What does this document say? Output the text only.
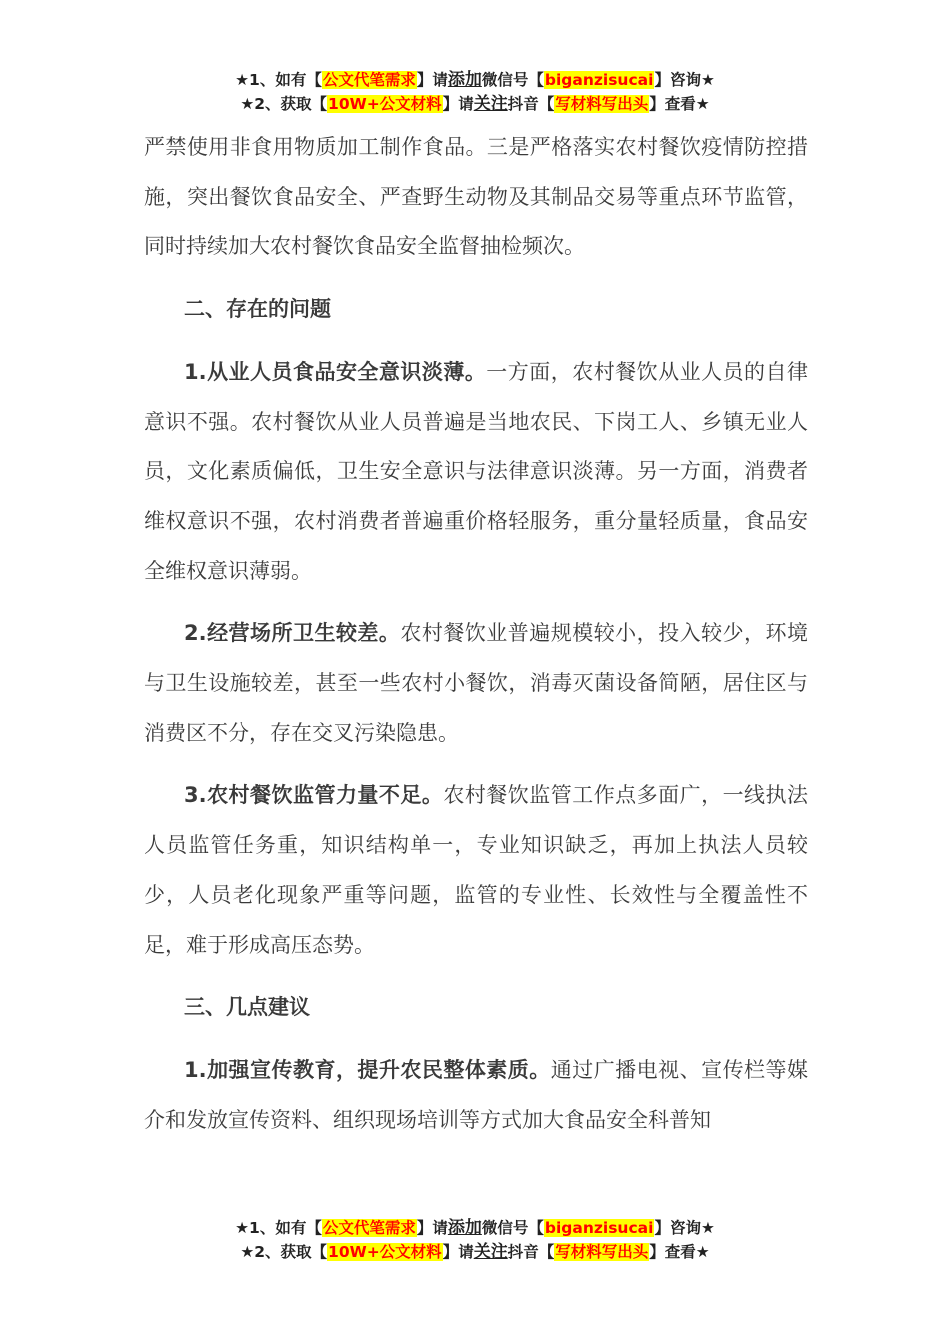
★1、如有【公文代笔需求】请添加微信号【biganzisucai】咨询★
★2、获取【10W+公文材料】请关注抖音【写材料写出头】查看★

严禁使用非食用物质加工制作食品。三是严格落实农村餐饮疫情防控措施，突出餐饮食品安全、严查野生动物及其制品交易等重点环节监管，同时持续加大农村餐饮食品安全监督抽检频次。

二、存在的问题

1.从业人员食品安全意识淡薄。一方面，农村餐饮从业人员的自律意识不强。农村餐饮从业人员普遍是当地农民、下岗工人、乡镇无业人员，文化素质偏低，卫生安全意识与法律意识淡薄。另一方面，消费者维权意识不强，农村消费者普遍重价格轻服务，重分量轻质量，食品安全维权意识薄弱。

2.经营场所卫生较差。农村餐饮业普遍规模较小，投入较少，环境与卫生设施较差，甚至一些农村小餐饮，消毒灭菌设备简陋，居住区与消费区不分，存在交叉污染隐患。

3.农村餐饮监管力量不足。农村餐饮监管工作点多面广，一线执法人员监管任务重，知识结构单一，专业知识缺乏，再加上执法人员较少，人员老化现象严重等问题，监管的专业性、长效性与全覆盖性不足，难于形成高压态势。

三、几点建议

1.加强宣传教育，提升农民整体素质。通过广播电视、宣传栏等媒介和发放宣传资料、组织现场培训等方式加大食品安全科普知

★1、如有【公文代笔需求】请添加微信号【biganzisucai】咨询★
★2、获取【10W+公文材料】请关注抖音【写材料写出头】查看★
